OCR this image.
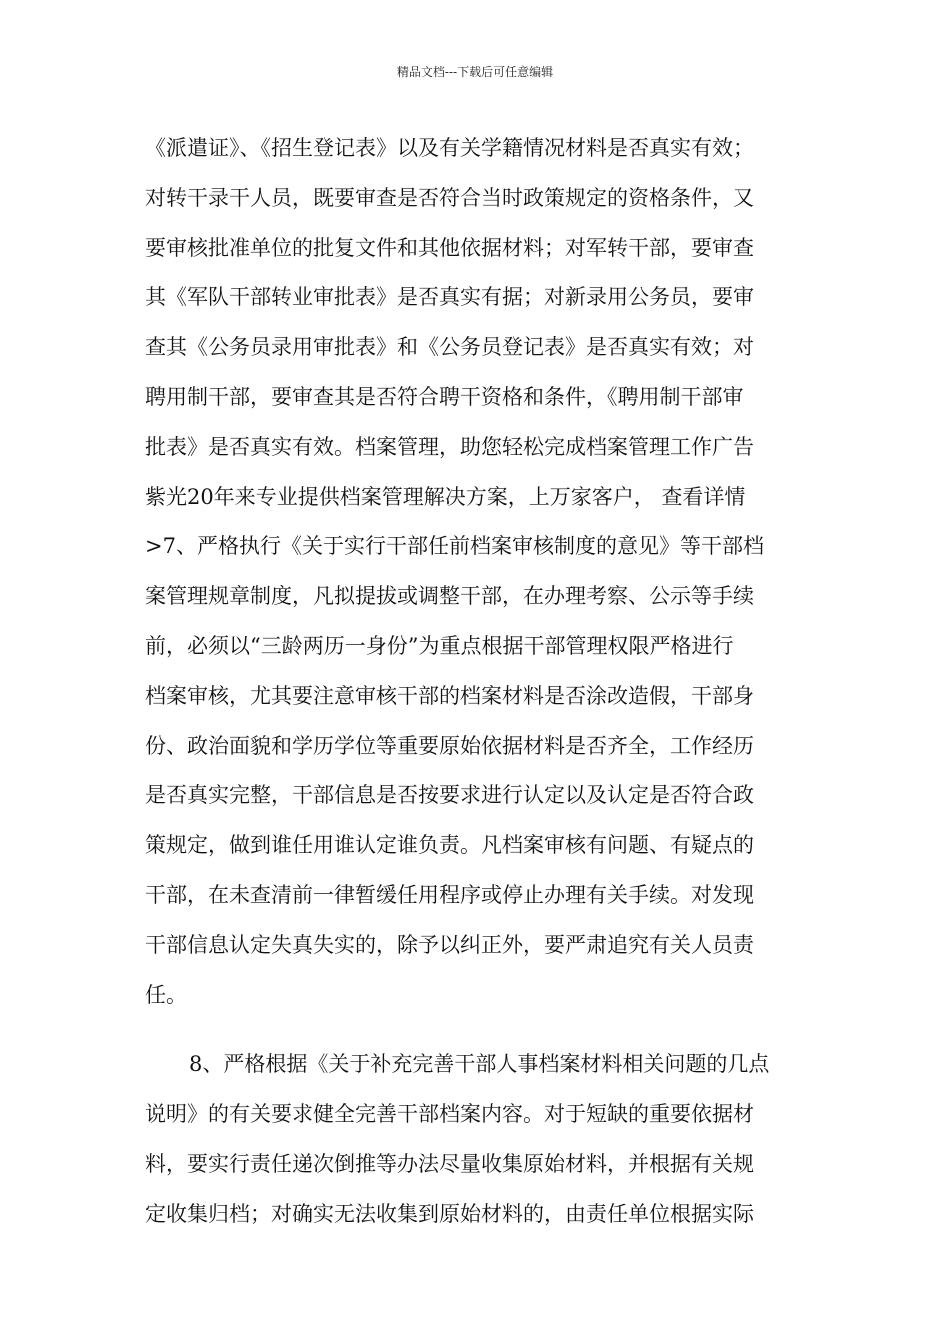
精品文档---下载后可任意编辑
《派遣证》、《招生登记表》以及有关学籍情况材料是否真实有效；
对转干录干人员，既要审查是否符合当时政策规定的资格条件，又
要审核批准单位的批复文件和其他依据材料；对军转干部，要审查
其《军队干部转业审批表》是否真实有据；对新录用公务员，要审
查其《公务员录用审批表》和《公务员登记表》是否真实有效；对
聘用制干部，要审查其是否符合聘干资格和条件，《聘用制干部审
批表》是否真实有效。档案管理，助您轻松完成档案管理工作广告
紫光20年来专业提供档案管理解决方案，上万家客户， 查看详情
>7、严格执行《关于实行干部任前档案审核制度的意见》等干部档
案管理规章制度，凡拟提拔或调整干部，在办理考察、公示等手续
前，必须以“三龄两历一身份”为重点根据干部管理权限严格进行
档案审核，尤其要注意审核干部的档案材料是否涂改造假，干部身
份、政治面貌和学历学位等重要原始依据材料是否齐全，工作经历
是否真实完整，干部信息是否按要求进行认定以及认定是否符合政
策规定，做到谁任用谁认定谁负责。凡档案审核有问题、有疑点的
干部，在未查清前一律暂缓任用程序或停止办理有关手续。对发现
干部信息认定失真失实的，除予以纠正外，要严肃追究有关人员责
任。
8、严格根据《关于补充完善干部人事档案材料相关问题的几点
说明》的有关要求健全完善干部档案内容。对于短缺的重要依据材
料，要实行责任递次倒推等办法尽量收集原始材料，并根据有关规
定收集归档；对确实无法收集到原始材料的，由责任单位根据实际
